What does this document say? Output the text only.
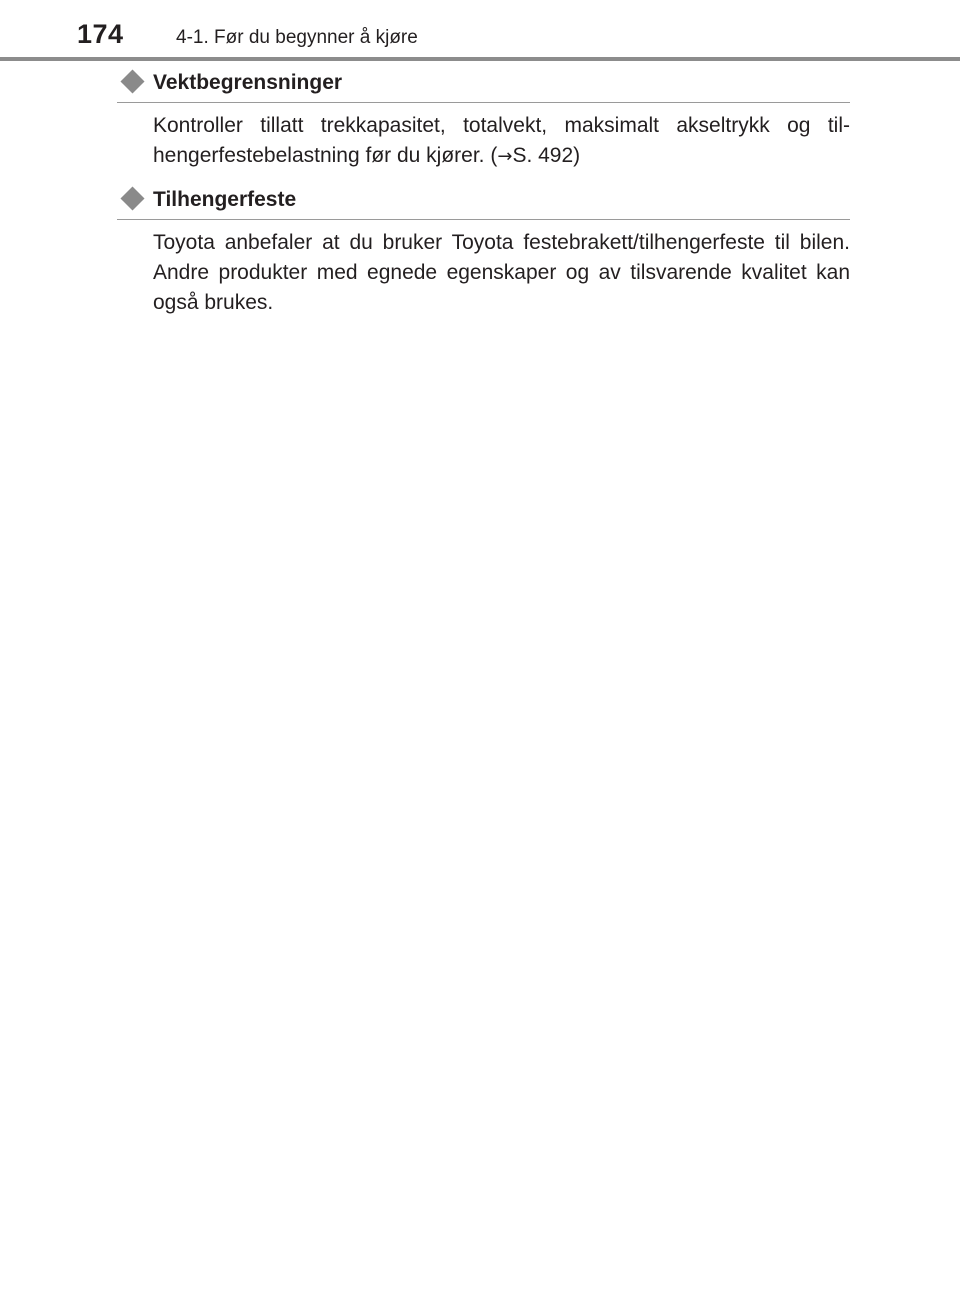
174	4-1. Før du begynner å kjøre
Vektbegrensninger
Kontroller tillatt trekkapasitet, totalvekt, maksimalt akseltrykk og til-hengerfestebelastning før du kjører. (→S. 492)
Tilhengerfeste
Toyota anbefaler at du bruker Toyota festebrakett/tilhengerfeste til bilen. Andre produkter med egnede egenskaper og av tilsvarende kvalitet kan også brukes.
